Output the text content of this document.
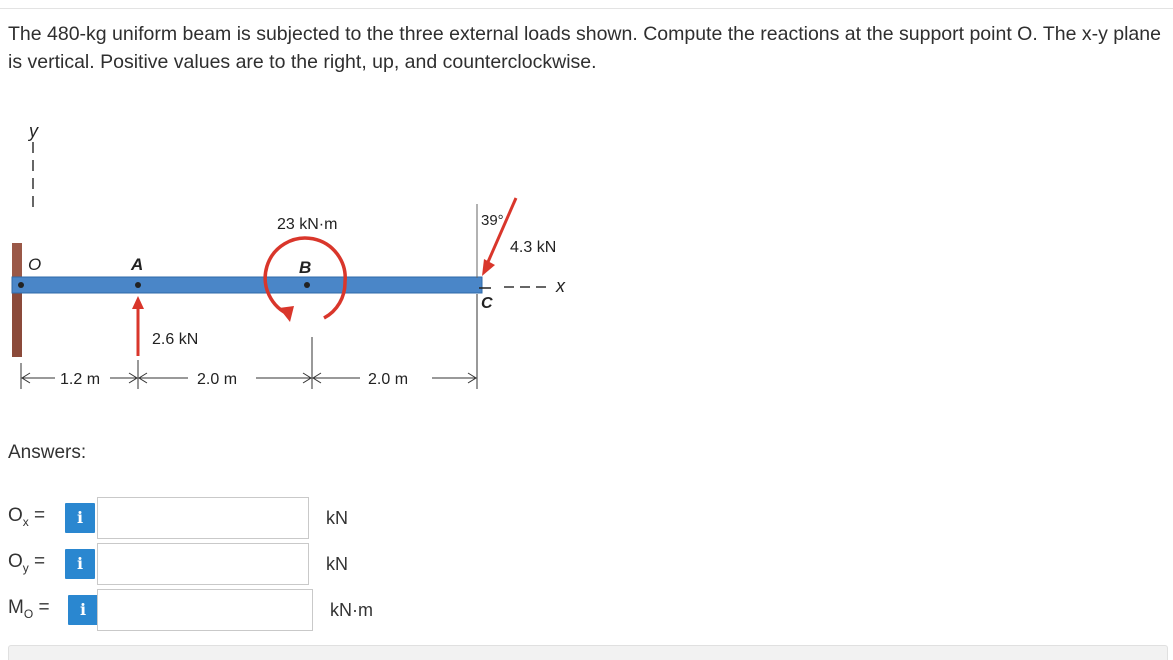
The 480-kg uniform beam is subjected to the three external loads shown. Compute the reactions at the support point O. The x-y plane is vertical. Positive values are to the right, up, and counterclockwise.
y
O	A
2.6 kN
23 kN·m
B
39°
4.3 kN
C
x
1.2 m	2.0 m	2.0 m
Answers:
$O_x$ =	i	kN
$O_y$ =	i	kN
$M_O$ =	i	kN·m
